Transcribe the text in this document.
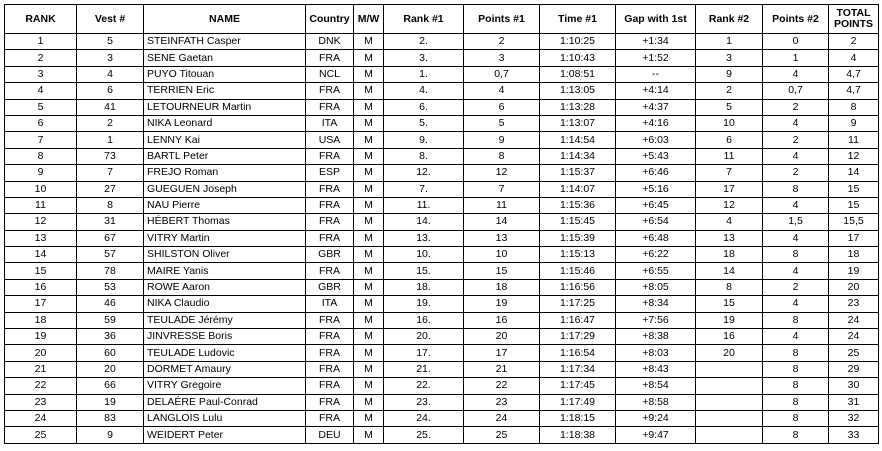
RANK	Vest #	NAME	Country	M/W	Rank #1	Points #1	Time #1	Gap with 1st	Rank #2	Points #2	TOTAL POINTS
1	5	STEINFATH Casper	DNK	M	2.	2	1:10:25	+1:34	1	0	2
2	3	SENE Gaetan	FRA	M	3.	3	1:10:43	+1:52	3	1	4
3	4	PUYO Titouan	NCL	M	1.	0,7	1:08:51	--	9	4	4,7
4	6	TERRIEN Eric	FRA	M	4.	4	1:13:05	+4:14	2	0,7	4,7
5	41	LETOURNEUR Martin	FRA	M	6.	6	1:13:28	+4:37	5	2	8
6	2	NIKA Leonard	ITA	M	5.	5	1:13:07	+4:16	10	4	9
7	1	LENNY Kai	USA	M	9.	9	1:14:54	+6:03	6	2	11
8	73	BARTL Peter	FRA	M	8.	8	1:14:34	+5:43	11	4	12
9	7	FREJO Roman	ESP	M	12.	12	1:15:37	+6:46	7	2	14
10	27	GUEGUEN Joseph	FRA	M	7.	7	1:14:07	+5:16	17	8	15
11	8	NAU Pierre	FRA	M	11.	11	1:15:36	+6:45	12	4	15
12	31	HÉBERT Thomas	FRA	M	14.	14	1:15:45	+6:54	4	1,5	15,5
13	67	VITRY Martin	FRA	M	13.	13	1:15:39	+6:48	13	4	17
14	57	SHILSTON Oliver	GBR	M	10.	10	1:15:13	+6:22	18	8	18
15	78	MAIRE Yanis	FRA	M	15.	15	1:15:46	+6:55	14	4	19
16	53	ROWE Aaron	GBR	M	18.	18	1:16:56	+8:05	8	2	20
17	46	NIKA Claudio	ITA	M	19.	19	1:17:25	+8:34	15	4	23
18	59	TEULADE Jérémy	FRA	M	16.	16	1:16:47	+7:56	19	8	24
19	36	JINVRESSE Boris	FRA	M	20.	20	1:17:29	+8:38	16	4	24
20	60	TEULADE Ludovic	FRA	M	17.	17	1:16:54	+8:03	20	8	25
21	20	DORMET Amaury	FRA	M	21.	21	1:17:34	+8:43		8	29
22	66	VITRY Gregoire	FRA	M	22.	22	1:17:45	+8:54		8	30
23	19	DELAÉRE Paul-Conrad	FRA	M	23.	23	1:17:49	+8:58		8	31
24	83	LANGLOIS Lulu	FRA	M	24.	24	1:18:15	+9:24		8	32
25	9	WEIDERT Peter	DEU	M	25.	25	1:18:38	+9:47		8	33
